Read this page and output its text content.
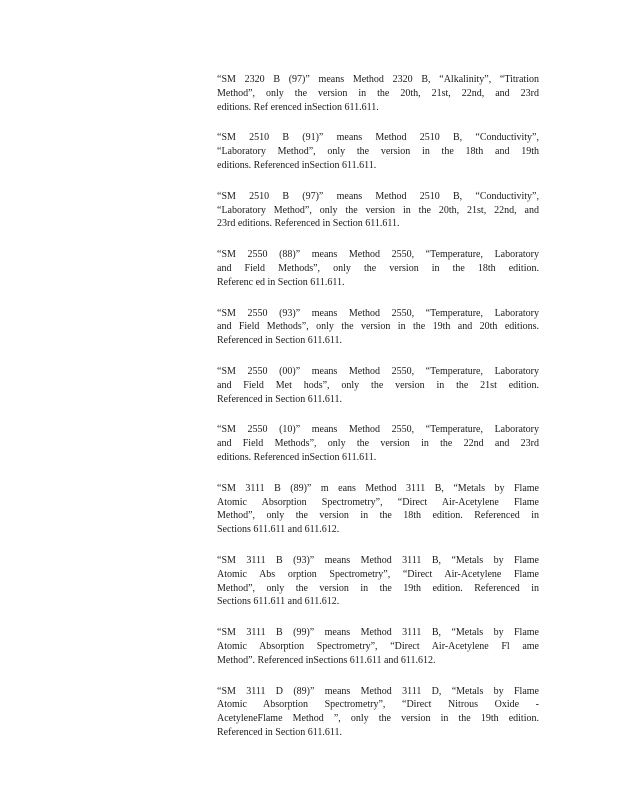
“SM 2320 B (97)” means Method 2320 B, “Alkalinity”, “Titration
Method”, only the version in the 20th, 21st, 22nd, and 23rd
editions. Ref erenced inSection 611.611.
“SM 2510 B (91)” means Method 2510 B, “Conductivity”,
“Laboratory Method”, only the version in the 18th and 19th
editions. Referenced inSection 611.611.
“SM 2510 B (97)” means Method 2510 B, “Conductivity”,
“Laboratory Method”, only the version in the 20th, 21st, 22nd, and
23rd editions. Referenced in Section 611.611.
“SM 2550 (88)” means Method 2550, “Temperature, Laboratory
and Field Methods”, only the version in the 18th edition.
Referenc ed in Section 611.611.
“SM 2550 (93)” means Method 2550, “Temperature, Laboratory
and Field Methods”, only the version in the 19th and 20th editions.
Referenced in Section 611.611.
“SM 2550 (00)” means Method 2550, “Temperature, Laboratory
and Field Met hods”, only the version in the 21st edition.
Referenced in Section 611.611.
“SM 2550 (10)” means Method 2550, “Temperature, Laboratory
and Field Methods”, only the version in the 22nd and 23rd
editions. Referenced inSection 611.611.
“SM 3111 B (89)” m eans Method 3111 B, “Metals by Flame
Atomic Absorption Spectrometry”, “Direct Air-Acetylene Flame
Method”, only the version in the 18th edition. Referenced in
Sections 611.611 and 611.612.
“SM 3111 B (93)” means Method 3111 B, “Metals by Flame
Atomic Abs orption Spectrometry”, “Direct Air-Acetylene Flame
Method”, only the version in the 19th edition. Referenced in
Sections 611.611 and 611.612.
“SM 3111 B (99)” means Method 3111 B, “Metals by Flame
Atomic Absorption Spectrometry”, “Direct Air-Acetylene Fl ame
Method”. Referenced inSections 611.611 and 611.612.
“SM 3111 D (89)” means Method 3111 D, “Metals by Flame
Atomic Absorption Spectrometry”, “Direct Nitrous Oxide -
AcetyleneFlame Method ”, only the version in the 19th edition.
Referenced in Section 611.611.
